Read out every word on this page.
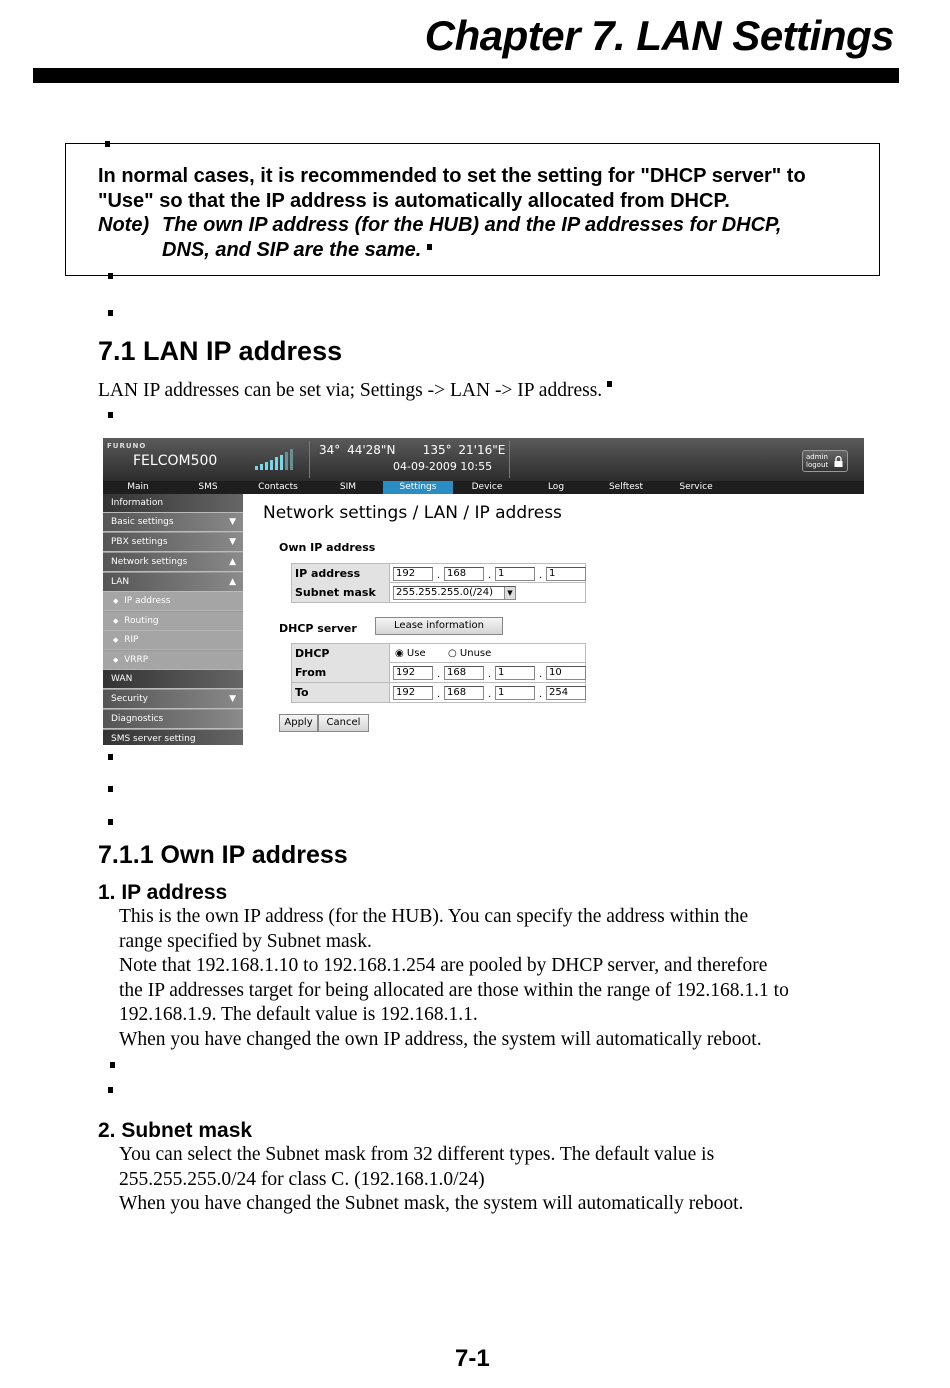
Chapter 7. LAN Settings
In normal cases, it is recommended to set the setting for "DHCP server" to
"Use" so that the IP address is automatically allocated from DHCP.
Note) The own IP address (for the HUB) and the IP addresses for DHCP,
DNS, and SIP are the same.
7.1 LAN IP address
LAN IP addresses can be set via; Settings -> LAN -> IP address.
FURUNO
FELCOM500
34° 44'28"N 135° 21'16"E
04-09-2009 10:55
admin
logout
Main	SMS	Contacts	SIM	Settings	Device	Log	Selftest	Service
Information
Basic settings	▼
PBX settings	▼
Network settings	▲
LAN	▲
◆ IP address
◆ Routing
◆ RIP
◆ VRRP
WAN
Security	▼
Diagnostics
SMS server setting
Network settings / LAN / IP address
Own IP address
IP address	192	. 168	. 1	. 1
Subnet mask	255.255.255.0(/24)	▼
DHCP server	Lease information
DHCP	◉ Use ○ Unuse
From	192	. 168	. 1	. 10
To	192	. 168	. 1	. 254
Apply	Cancel
7.1.1 Own IP address
1. IP address
This is the own IP address (for the HUB). You can specify the address within the
range specified by Subnet mask.
Note that 192.168.1.10 to 192.168.1.254 are pooled by DHCP server, and therefore
the IP addresses target for being allocated are those within the range of 192.168.1.1 to
192.168.1.9. The default value is 192.168.1.1.
When you have changed the own IP address, the system will automatically reboot.
2. Subnet mask
You can select the Subnet mask from 32 different types. The default value is
255.255.255.0/24 for class C. (192.168.1.0/24)
When you have changed the Subnet mask, the system will automatically reboot.
7-1
